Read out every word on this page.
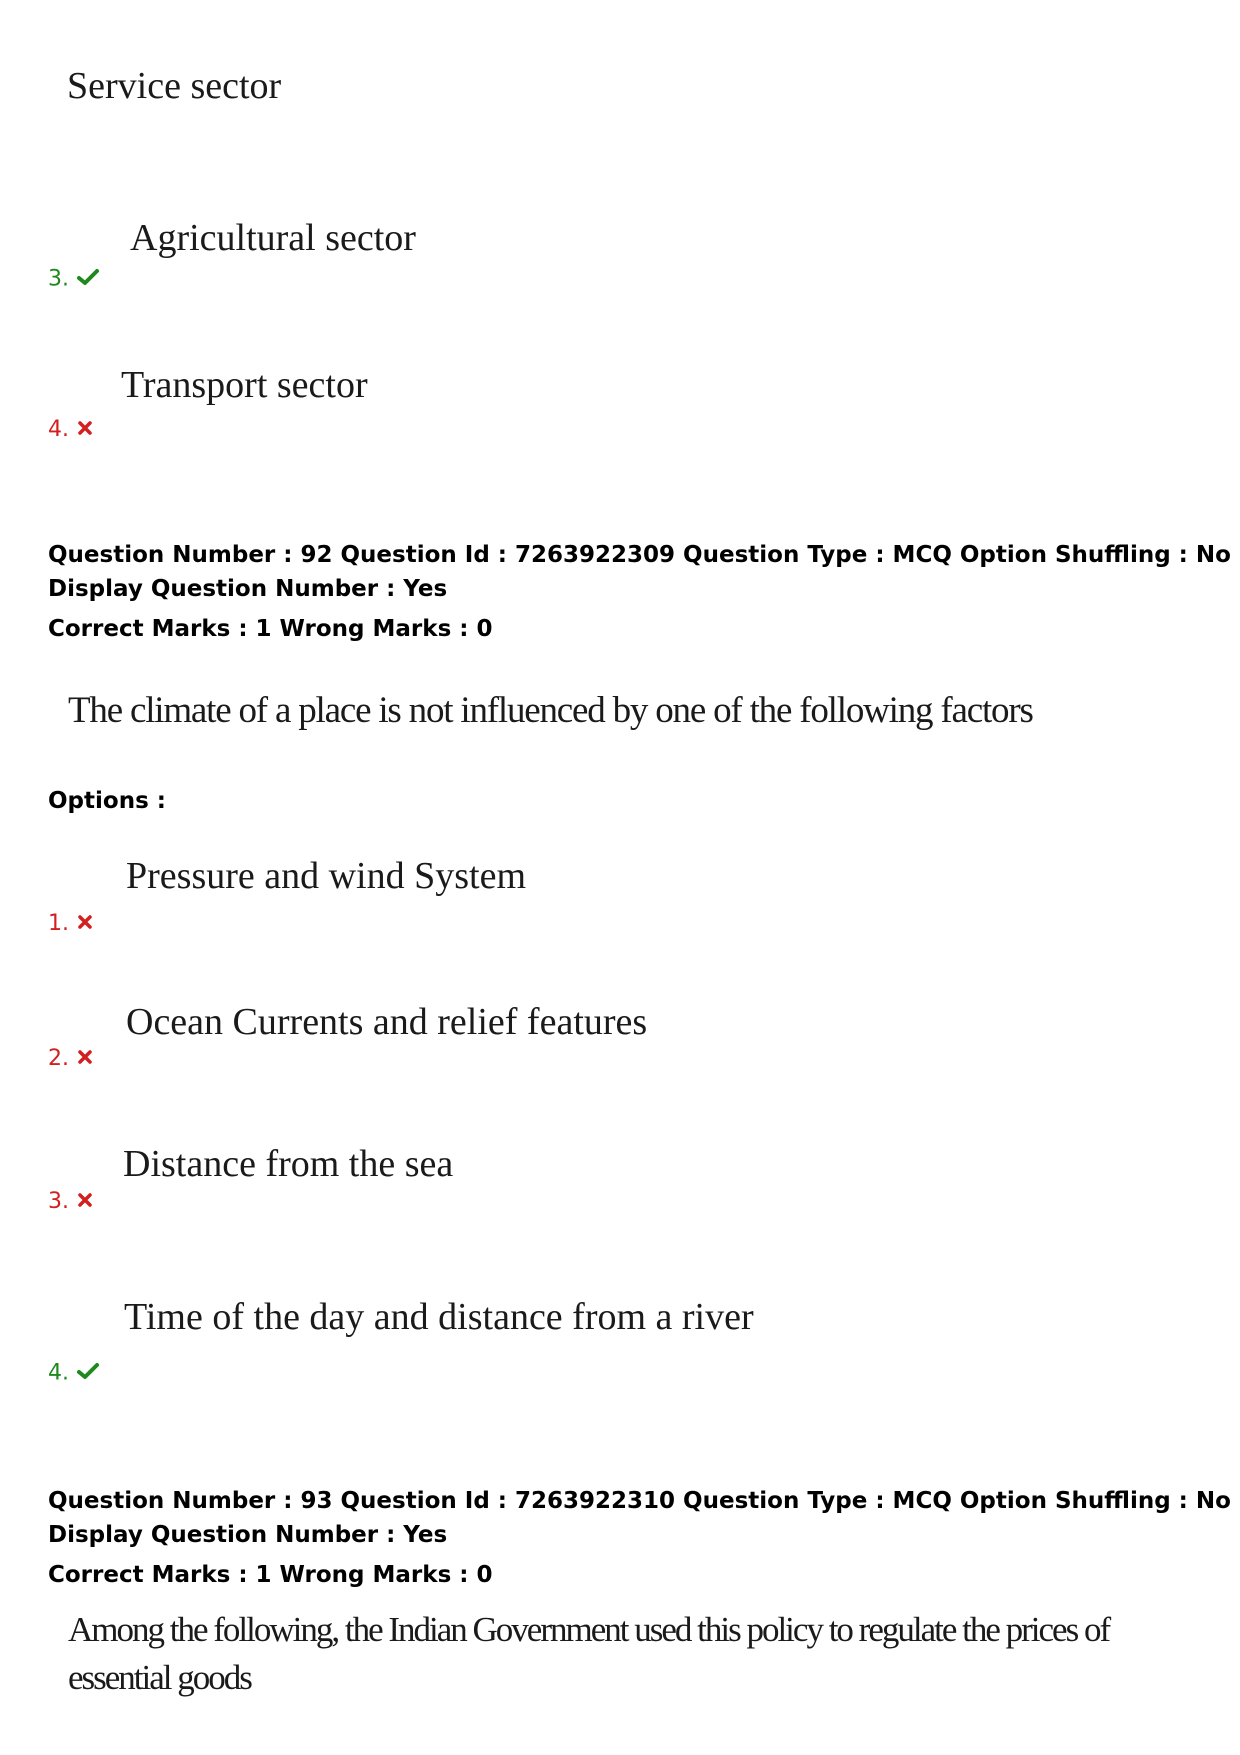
Service sector
Agricultural sector
3.
Transport sector
4.
Question Number : 92 Question Id : 7263922309 Question Type : MCQ Option Shuffling : No
Display Question Number : Yes
Correct Marks : 1 Wrong Marks : 0
The climate of a place is not influenced by one of the following factors
Options :
Pressure and wind System
1.
Ocean Currents and relief features
2.
Distance from the sea
3.
Time of the day and distance from a river
4.
Question Number : 93 Question Id : 7263922310 Question Type : MCQ Option Shuffling : No
Display Question Number : Yes
Correct Marks : 1 Wrong Marks : 0
Among the following, the Indian Government used this policy to regulate the prices of
essential goods
